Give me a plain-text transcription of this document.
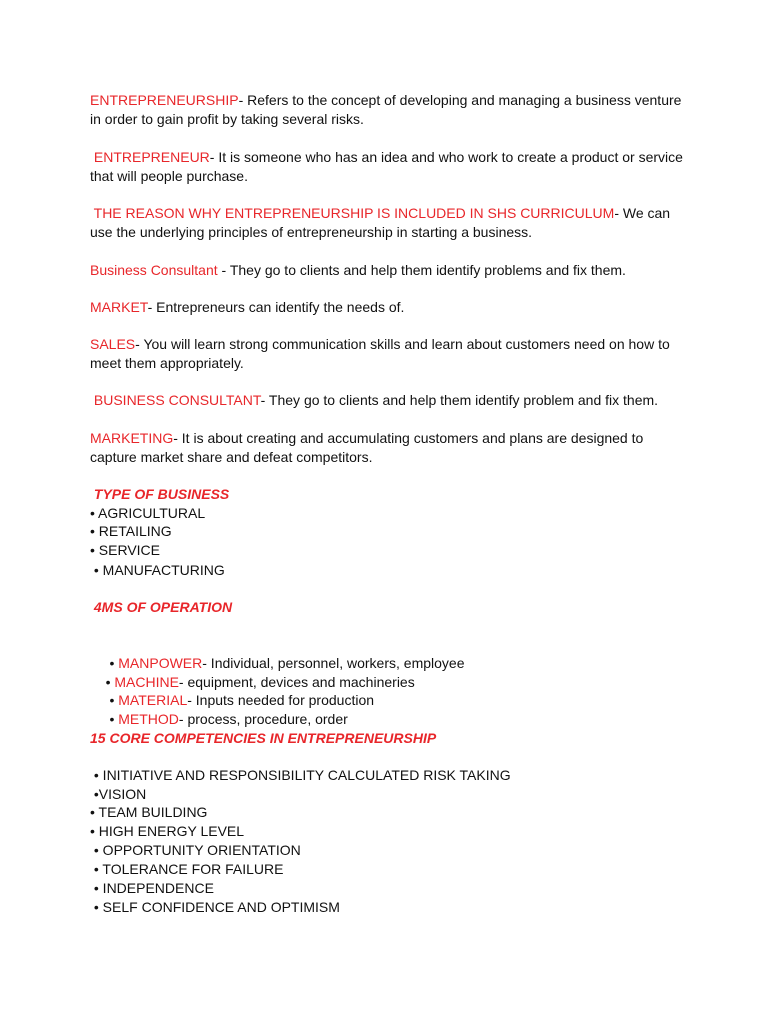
ENTREPRENEURSHIP- Refers to the concept of developing and managing a business venture
in order to gain profit by taking several risks.
ENTREPRENEUR- It is someone who has an idea and who work to create a product or service
that will people purchase.
THE REASON WHY ENTREPRENEURSHIP IS INCLUDED IN SHS CURRICULUM- We can
use the underlying principles of entrepreneurship in starting a business.
Business Consultant - They go to clients and help them identify problems and fix them.
MARKET- Entrepreneurs can identify the needs of.
SALES- You will learn strong communication skills and learn about customers need on how to
meet them appropriately.
BUSINESS CONSULTANT- They go to clients and help them identify problem and fix them.
MARKETING- It is about creating and accumulating customers and plans are designed to
capture market share and defeat competitors.
TYPE OF BUSINESS
• AGRICULTURAL
• RETAILING
• SERVICE
• MANUFACTURING
4MS OF OPERATION

• MANPOWER- Individual, personnel, workers, employee

• MACHINE- equipment, devices and machineries

• MATERIAL- Inputs needed for production

• METHOD- process, procedure, order

15 CORE COMPETENCIES IN ENTREPRENEURSHIP
• INITIATIVE AND RESPONSIBILITY CALCULATED RISK TAKING
•VISION
• TEAM BUILDING
• HIGH ENERGY LEVEL
• OPPORTUNITY ORIENTATION
• TOLERANCE FOR FAILURE
• INDEPENDENCE
• SELF CONFIDENCE AND OPTIMISM
